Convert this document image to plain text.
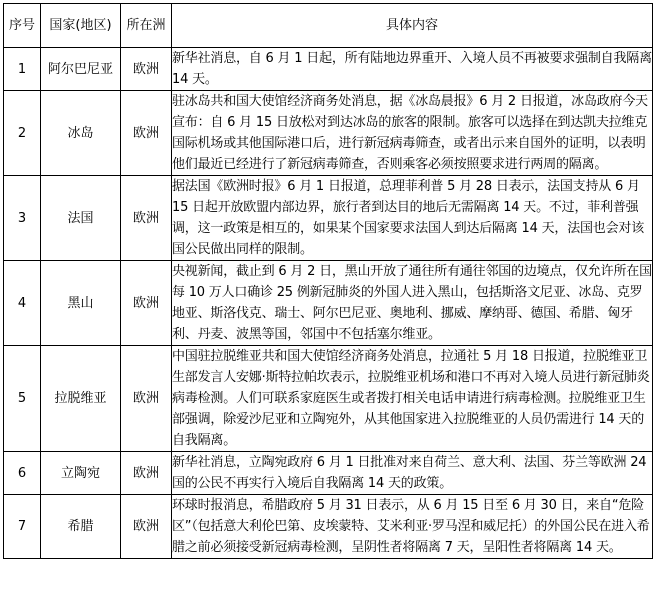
序号	国家(地区)	所在洲	具体内容
1	阿尔巴尼亚	欧洲	新华社消息，自 6 月 1 日起，所有陆地边界重开、入境人员不再被要求强制自我隔离 14 天。
2	冰岛	欧洲	驻冰岛共和国大使馆经济商务处消息，据《冰岛晨报》6 月 2 日报道，冰岛政府今天宣布：自 6 月 15 日放松对到达冰岛的旅客的限制。旅客可以选择在到达凯夫拉维克国际机场或其他国际港口后，进行新冠病毒筛查，或者出示来自国外的证明，以表明他们最近已经进行了新冠病毒筛查，否则乘客必须按照要求进行两周的隔离。
3	法国	欧洲	据法国《欧洲时报》6 月 1 日报道，总理菲利普 5 月 28 日表示，法国支持从 6 月 15 日起开放欧盟内部边界，旅行者到达目的地后无需隔离 14 天。不过，菲利普强调，这一政策是相互的，如果某个国家要求法国人到达后隔离 14 天，法国也会对该国公民做出同样的限制。
4	黑山	欧洲	央视新闻，截止到 6 月 2 日，黑山开放了通往所有通往邻国的边境点，仅允许所在国每 10 万人口确诊 25 例新冠肺炎的外国人进入黑山，包括斯洛文尼亚、冰岛、克罗地亚、斯洛伐克、瑞士、阿尔巴尼亚、奥地利、挪威、摩纳哥、德国、希腊、匈牙利、丹麦、波黑等国，邻国中不包括塞尔维亚。
5	拉脱维亚	欧洲	中国驻拉脱维亚共和国大使馆经济商务处消息，拉通社 5 月 18 日报道，拉脱维亚卫生部发言人安娜·斯特拉帕坎表示，拉脱维亚机场和港口不再对入境人员进行新冠肺炎病毒检测。人们可联系家庭医生或者拨打相关电话申请进行病毒检测。拉脱维亚卫生部强调，除爱沙尼亚和立陶宛外，从其他国家进入拉脱维亚的人员仍需进行 14 天的自我隔离。
6	立陶宛	欧洲	新华社消息，立陶宛政府 6 月 1 日批准对来自荷兰、意大利、法国、芬兰等欧洲 24 国的公民不再实行入境后自我隔离 14 天的政策。
7	希腊	欧洲	环球时报消息，希腊政府 5 月 31 日表示，从 6 月 15 日至 6 月 30 日，来自“危险区”（包括意大利伦巴第、皮埃蒙特、艾米利亚·罗马涅和威尼托）的外国公民在进入希腊之前必须接受新冠病毒检测，呈阴性者将隔离 7 天，呈阳性者将隔离 14 天。
